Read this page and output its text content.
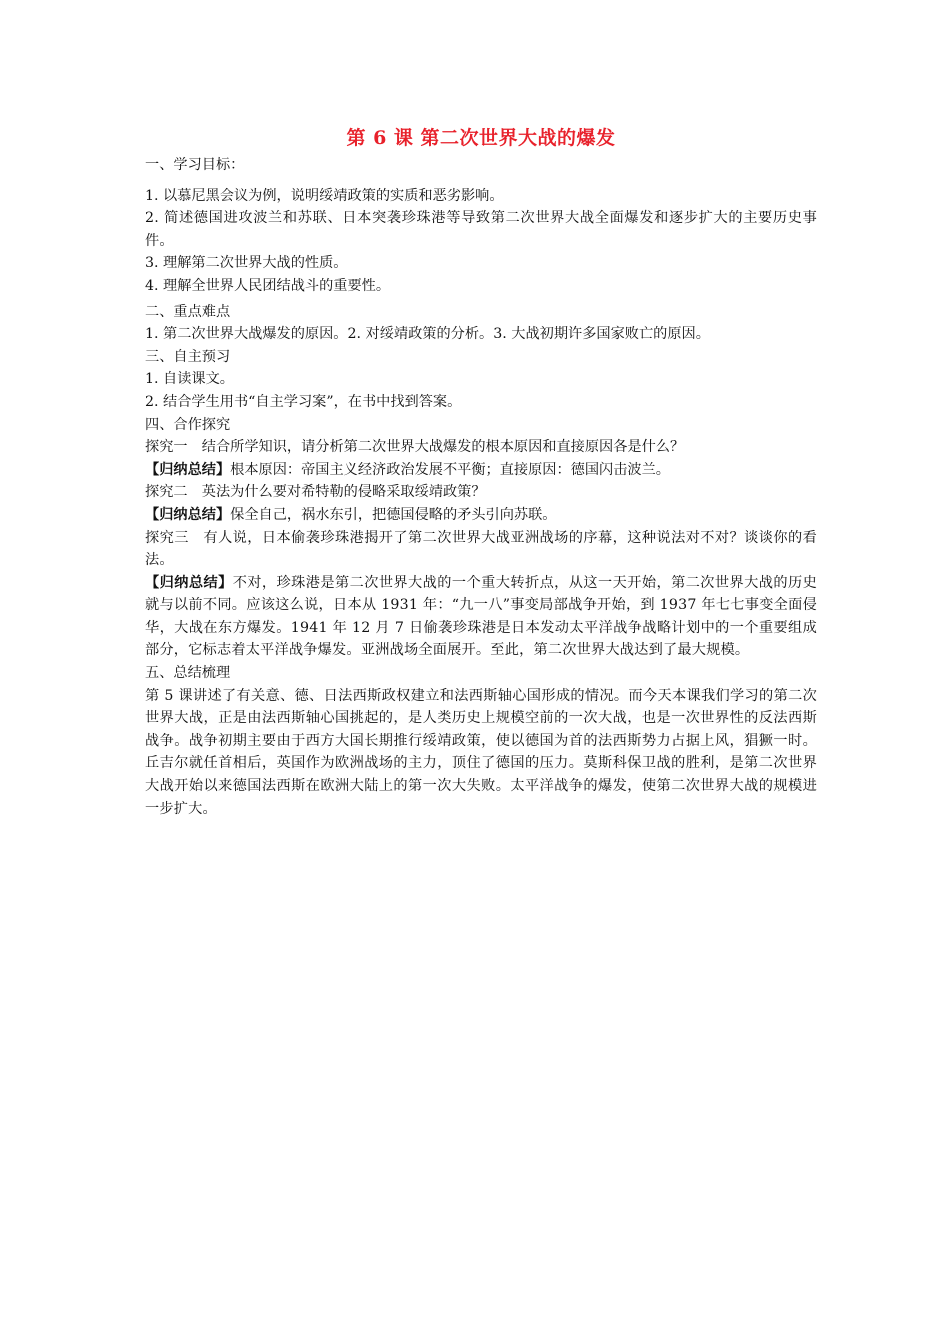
第 6 课 第二次世界大战的爆发

一、学习目标：

1. 以慕尼黑会议为例，说明绥靖政策的实质和恶劣影响。

2. 简述德国进攻波兰和苏联、日本突袭珍珠港等导致第二次世界大战全面爆发和逐步扩大的主要历史事件。

3. 理解第二次世界大战的性质。

4. 理解全世界人民团结战斗的重要性。

二、重点难点

1. 第二次世界大战爆发的原因。2. 对绥靖政策的分析。3. 大战初期许多国家败亡的原因。

三、自主预习

1. 自读课文。

2. 结合学生用书“自主学习案”，在书中找到答案。

四、合作探究

探究一　结合所学知识，请分析第二次世界大战爆发的根本原因和直接原因各是什么？

【归纳总结】根本原因：帝国主义经济政治发展不平衡；直接原因：德国闪击波兰。

探究二　英法为什么要对希特勒的侵略采取绥靖政策？

【归纳总结】保全自己，祸水东引，把德国侵略的矛头引向苏联。

探究三　有人说，日本偷袭珍珠港揭开了第二次世界大战亚洲战场的序幕，这种说法对不对？谈谈你的看法。

【归纳总结】不对，珍珠港是第二次世界大战的一个重大转折点，从这一天开始，第二次世界大战的历史就与以前不同。应该这么说，日本从 1931 年：“九一八”事变局部战争开始，到 1937 年七七事变全面侵华，大战在东方爆发。1941 年 12 月 7 日偷袭珍珠港是日本发动太平洋战争战略计划中的一个重要组成部分，它标志着太平洋战争爆发。亚洲战场全面展开。至此，第二次世界大战达到了最大规模。

五、总结梳理

第 5 课讲述了有关意、德、日法西斯政权建立和法西斯轴心国形成的情况。而今天本课我们学习的第二次世界大战，正是由法西斯轴心国挑起的，是人类历史上规模空前的一次大战，也是一次世界性的反法西斯战争。战争初期主要由于西方大国长期推行绥靖政策，使以德国为首的法西斯势力占据上风，猖獗一时。丘吉尔就任首相后，英国作为欧洲战场的主力，顶住了德国的压力。莫斯科保卫战的胜利，是第二次世界大战开始以来德国法西斯在欧洲大陆上的第一次大失败。太平洋战争的爆发，使第二次世界大战的规模进一步扩大。
